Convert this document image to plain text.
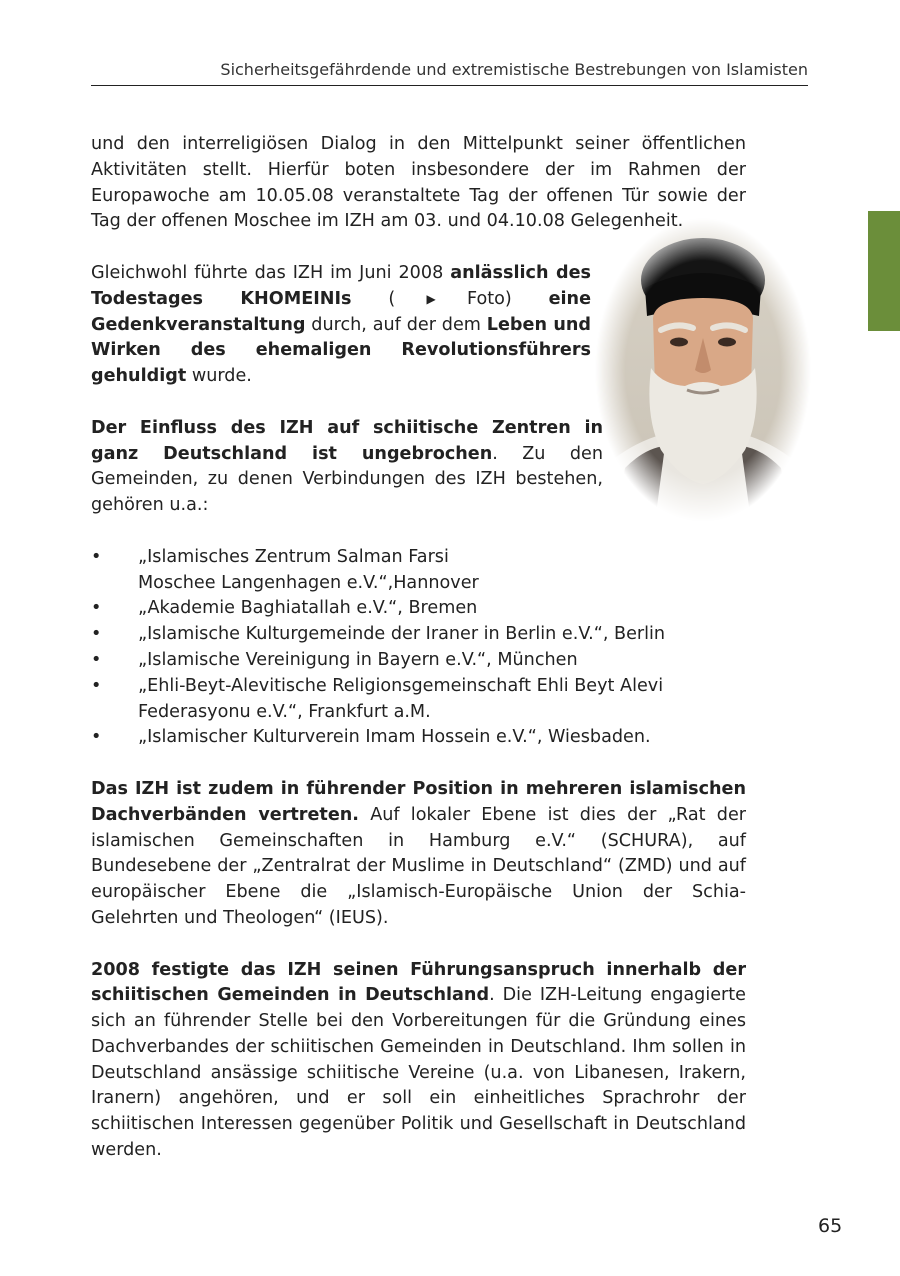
Sicherheitsgefährdende und extremistische Bestrebungen von Islamisten

und den interreligiösen Dialog in den Mittelpunkt seiner öffentlichen Aktivitäten stellt. Hierfür boten insbesondere der im Rahmen der Europawoche am 10.05.08 veranstaltete Tag der offenen Tür sowie der Tag der offenen Moschee im IZH am 03. und 04.10.08 Gelegenheit.

Gleichwohl führte das IZH im Juni 2008 anlässlich des Todestages KHOMEINIs (▶Foto) eine Gedenkveranstaltung durch, auf der dem Leben und Wirken des ehemaligen Revolutionsführers gehuldigt wurde.

Der Einfluss des IZH auf schiitische Zentren in ganz Deutschland ist ungebrochen. Zu den Gemeinden, zu denen Verbindungen des IZH bestehen, gehören u.a.:

• „Islamisches Zentrum Salman Farsi Moschee Langenhagen e.V.“,Hannover
• „Akademie Baghiatallah e.V.“, Bremen
• „Islamische Kulturgemeinde der Iraner in Berlin e.V.“, Berlin
• „Islamische Vereinigung in Bayern e.V.“, München
• „Ehli-Beyt-Alevitische Religionsgemeinschaft Ehli Beyt Alevi Federasyonu e.V.“, Frankfurt a.M.
• „Islamischer Kulturverein Imam Hossein e.V.“, Wiesbaden.

Das IZH ist zudem in führender Position in mehreren islamischen Dachverbänden vertreten. Auf lokaler Ebene ist dies der „Rat der islamischen Gemeinschaften in Hamburg e.V.“ (SCHURA), auf Bundesebene der „Zentralrat der Muslime in Deutschland“ (ZMD) und auf europäischer Ebene die „Islamisch-Europäische Union der Schia-Gelehrten und Theologen“ (IEUS).

2008 festigte das IZH seinen Führungsanspruch innerhalb der schiitischen Gemeinden in Deutschland. Die IZH-Leitung engagierte sich an führender Stelle bei den Vorbereitungen für die Gründung eines Dachverbandes der schiitischen Gemeinden in Deutschland. Ihm sollen in Deutschland ansässige schiitische Vereine (u.a. von Libanesen, Irakern, Iranern) angehören, und er soll ein einheitliches Sprachrohr der schiitischen Interessen gegenüber Politik und Gesellschaft in Deutschland werden.

65
